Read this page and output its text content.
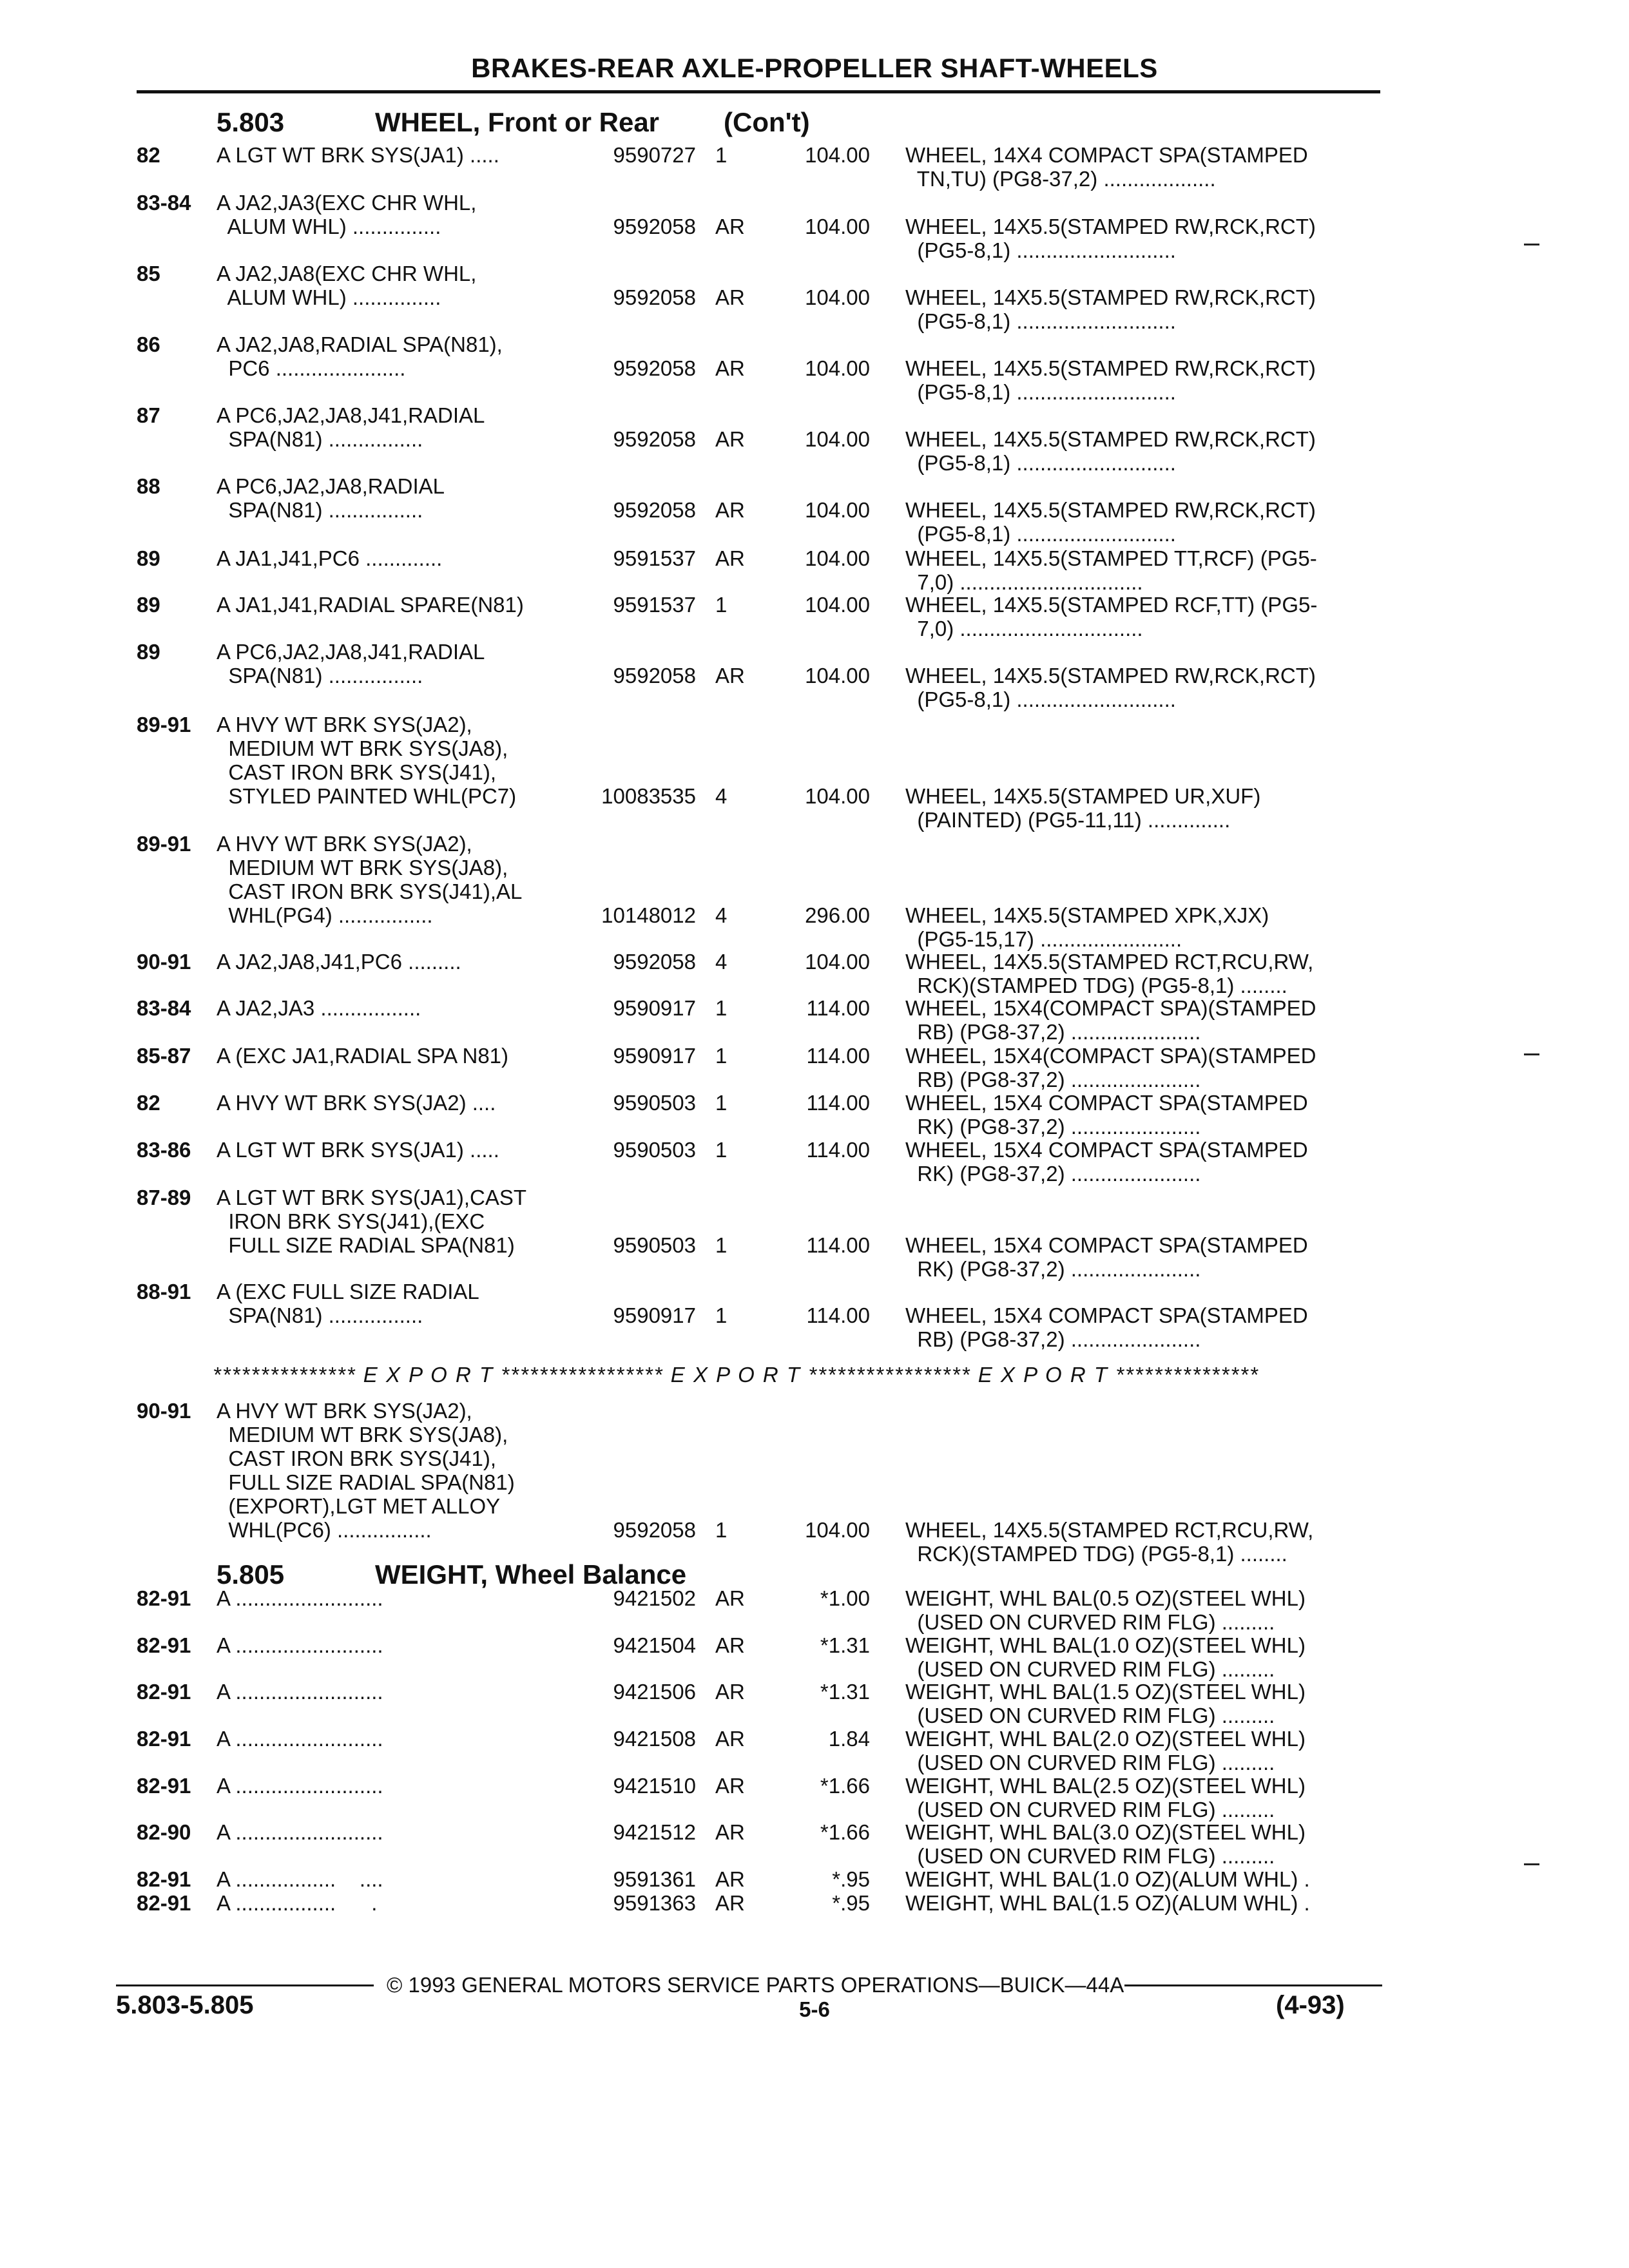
BRAKES-REAR AXLE-PROPELLER SHAFT-WHEELS
5.803	WHEEL, Front or Rear (Con't)
5.805	WEIGHT, Wheel Balance
82	A LGT WT BRK SYS(JA1) .....	9590727 1	104.00 WHEEL, 14X4 COMPACT SPA(STAMPED
TN,TU) (PG8-37,2) ...................
83-84 A JA2,JA3(EXC CHR WHL,
ALUM WHL) ...............	9592058 AR	104.00 WHEEL, 14X5.5(STAMPED RW,RCK,RCT)
(PG5-8,1) ...........................
85	A JA2,JA8(EXC CHR WHL,
ALUM WHL) ...............	9592058 AR	104.00 WHEEL, 14X5.5(STAMPED RW,RCK,RCT)
(PG5-8,1) ...........................
86	A JA2,JA8,RADIAL SPA(N81),
PC6 ......................	9592058 AR	104.00 WHEEL, 14X5.5(STAMPED RW,RCK,RCT)
(PG5-8,1) ...........................
87	A PC6,JA2,JA8,J41,RADIAL
SPA(N81) ................	9592058 AR	104.00 WHEEL, 14X5.5(STAMPED RW,RCK,RCT)
(PG5-8,1) ...........................
88	A PC6,JA2,JA8,RADIAL
SPA(N81) ................	9592058 AR	104.00 WHEEL, 14X5.5(STAMPED RW,RCK,RCT)
(PG5-8,1) ...........................
89	A JA1,J41,PC6 .............	9591537 AR	104.00 WHEEL, 14X5.5(STAMPED TT,RCF) (PG5-
7,0) ...............................
89	A JA1,J41,RADIAL SPARE(N81)	9591537 1	104.00 WHEEL, 14X5.5(STAMPED RCF,TT) (PG5-
7,0) ...............................
89	A PC6,JA2,JA8,J41,RADIAL
SPA(N81) ................	9592058 AR	104.00 WHEEL, 14X5.5(STAMPED RW,RCK,RCT)
(PG5-8,1) ...........................
89-91 A HVY WT BRK SYS(JA2),
MEDIUM WT BRK SYS(JA8),
CAST IRON BRK SYS(J41),
STYLED PAINTED WHL(PC7)	10083535 4	104.00 WHEEL, 14X5.5(STAMPED UR,XUF)
(PAINTED) (PG5-11,11) ..............
89-91 A HVY WT BRK SYS(JA2),
MEDIUM WT BRK SYS(JA8),
CAST IRON BRK SYS(J41),AL
WHL(PG4) ................	10148012 4	296.00 WHEEL, 14X5.5(STAMPED XPK,XJX)
(PG5-15,17) ........................
90-91 A JA2,JA8,J41,PC6 .........	9592058 4	104.00 WHEEL, 14X5.5(STAMPED RCT,RCU,RW,
RCK)(STAMPED TDG) (PG5-8,1) ........
83-84 A JA2,JA3 .................	9590917 1	114.00 WHEEL, 15X4(COMPACT SPA)(STAMPED
RB) (PG8-37,2) ......................
85-87 A (EXC JA1,RADIAL SPA N81)	9590917 1	114.00 WHEEL, 15X4(COMPACT SPA)(STAMPED
RB) (PG8-37,2) ......................
82	A HVY WT BRK SYS(JA2) ....	9590503 1	114.00 WHEEL, 15X4 COMPACT SPA(STAMPED
RK) (PG8-37,2) ......................
83-86 A LGT WT BRK SYS(JA1) .....	9590503 1	114.00 WHEEL, 15X4 COMPACT SPA(STAMPED
RK) (PG8-37,2) ......................
87-89 A LGT WT BRK SYS(JA1),CAST
IRON BRK SYS(J41),(EXC
FULL SIZE RADIAL SPA(N81)	9590503 1	114.00 WHEEL, 15X4 COMPACT SPA(STAMPED
RK) (PG8-37,2) ......................
88-91 A (EXC FULL SIZE RADIAL
SPA(N81) ................	9590917 1	114.00 WHEEL, 15X4 COMPACT SPA(STAMPED
RB) (PG8-37,2) ......................
90-91 A HVY WT BRK SYS(JA2),
MEDIUM WT BRK SYS(JA8),
CAST IRON BRK SYS(J41),
FULL SIZE RADIAL SPA(N81)
(EXPORT),LGT MET ALLOY
WHL(PC6) ................	9592058 1	104.00 WHEEL, 14X5.5(STAMPED RCT,RCU,RW,
RCK)(STAMPED TDG) (PG5-8,1) ........
82-91 A .........................	9421502 AR	*1.00 WEIGHT, WHL BAL(0.5 OZ)(STEEL WHL)
(USED ON CURVED RIM FLG) .........
82-91 A .........................	9421504 AR	*1.31 WEIGHT, WHL BAL(1.0 OZ)(STEEL WHL)
(USED ON CURVED RIM FLG) .........
82-91 A .........................	9421506 AR	*1.31 WEIGHT, WHL BAL(1.5 OZ)(STEEL WHL)
(USED ON CURVED RIM FLG) .........
82-91 A .........................	9421508 AR	1.84 WEIGHT, WHL BAL(2.0 OZ)(STEEL WHL)
(USED ON CURVED RIM FLG) .........
82-91 A .........................	9421510 AR	*1.66 WEIGHT, WHL BAL(2.5 OZ)(STEEL WHL)
(USED ON CURVED RIM FLG) .........
82-90 A .........................	9421512 AR	*1.66 WEIGHT, WHL BAL(3.0 OZ)(STEEL WHL)
(USED ON CURVED RIM FLG) .........
82-91 A .................    ....	9591361 AR	*.95 WEIGHT, WHL BAL(1.0 OZ)(ALUM WHL) .
82-91 A .................      .	9591363 AR	*.95 WEIGHT, WHL BAL(1.5 OZ)(ALUM WHL) .
*************** E X P O R T ***************** E X P O R T ***************** E X P O R T ***************
© 1993 GENERAL MOTORS SERVICE PARTS OPERATIONS—BUICK—44A
5.803-5.805	5-6	(4-93)
